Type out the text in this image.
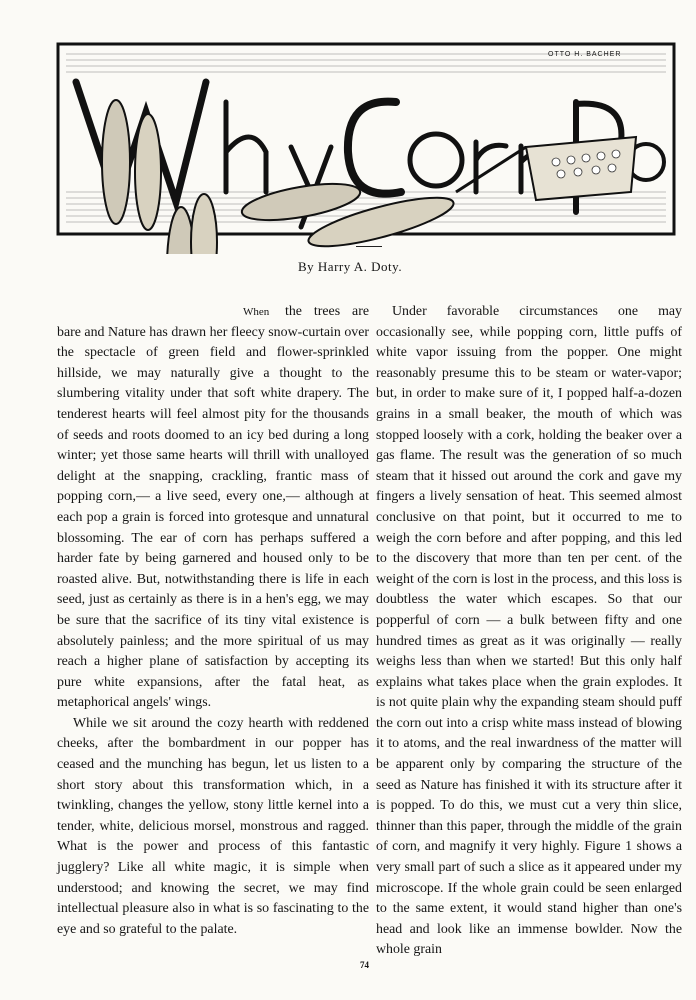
OTTO H. BACHER
By Harry A. Doty.

When	the trees are bare and Nature has drawn her fleecy snow-curtain over the spectacle of green field and flower-sprinkled hillside, we may naturally give a thought to the slumbering vitality under that soft white drapery. The tenderest hearts will feel almost pity for the thousands of seeds and roots doomed to an icy bed during a long winter; yet those same hearts will thrill with unalloyed delight at the snapping, crackling, frantic mass of popping corn,— a live seed, every one,— although at each pop a grain is forced into grotesque and unnatural blossoming. The ear of corn has perhaps suffered a harder fate by being garnered and housed only to be roasted alive. But, notwithstanding there is life in each seed, just as certainly as there is in a hen's egg, we may be sure that the sacrifice of its tiny vital existence is absolutely painless; and the more spiritual of us may reach a higher plane of satisfaction by accepting its pure white expansions, after the fatal heat, as metaphorical angels' wings.

While we sit around the cozy hearth with reddened cheeks, after the bombardment in our popper has ceased and the munching has begun, let us listen to a short story about this transformation which, in a twinkling, changes the yellow, stony little kernel into a tender, white, delicious morsel, monstrous and ragged. What is the power and process of this fantastic jugglery? Like all white magic, it is simple when understood; and knowing the secret, we may find intellectual pleasure also in what is so fascinating to the eye and so grateful to the palate.

Under favorable circumstances one may occasionally see, while popping corn, little puffs of white vapor issuing from the popper. One might reasonably presume this to be steam or water-vapor; but, in order to make sure of it, I popped half-a-dozen grains in a small beaker, the mouth of which was stopped loosely with a cork, holding the beaker over a gas flame. The result was the generation of so much steam that it hissed out around the cork and gave my fingers a lively sensation of heat. This seemed almost conclusive on that point, but it occurred to me to weigh the corn before and after popping, and this led to the discovery that more than ten per cent. of the weight of the corn is lost in the process, and this loss is doubtless the water which escapes. So that our popperful of corn — a bulk between fifty and one hundred times as great as it was originally — really weighs less than when we started! But this only half explains what takes place when the grain explodes. It is not quite plain why the expanding steam should puff the corn out into a crisp white mass instead of blowing it to atoms, and the real inwardness of the matter will be apparent only by comparing the structure of the seed as Nature has finished it with its structure after it is popped. To do this, we must cut a very thin slice, thinner than this paper, through the middle of the grain of corn, and magnify it very highly. Figure 1 shows a very small part of such a slice as it appeared under my microscope. If the whole grain could be seen enlarged to the same extent, it would stand higher than one's head and look like an immense bowlder. Now the whole grain

74
